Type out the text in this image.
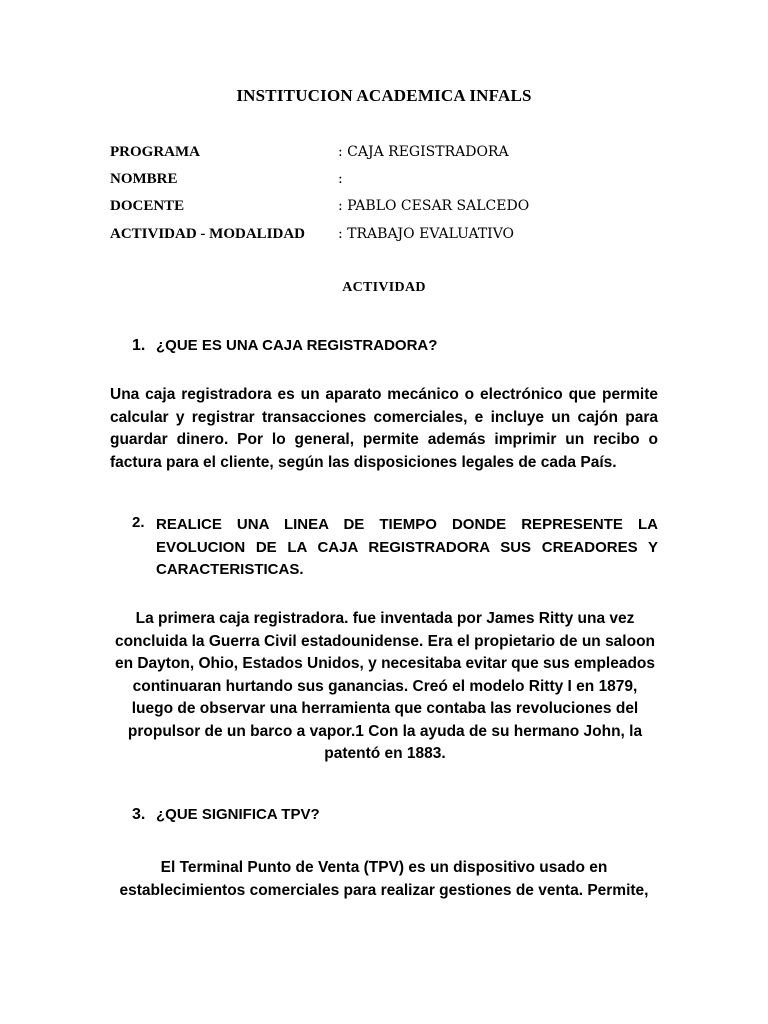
INSTITUCION ACADEMICA INFALS
PROGRAMA	: CAJA REGISTRADORA
NOMBRE	:
DOCENTE	: PABLO CESAR SALCEDO
ACTIVIDAD - MODALIDAD : TRABAJO EVALUATIVO
ACTIVIDAD
1. ¿QUE ES UNA CAJA REGISTRADORA?
Una caja registradora es un aparato mecánico o electrónico que permite calcular y registrar transacciones comerciales, e incluye un cajón para guardar dinero. Por lo general, permite además imprimir un recibo o factura para el cliente, según las disposiciones legales de cada País.
2. REALICE UNA LINEA DE TIEMPO DONDE REPRESENTE LA EVOLUCION DE LA CAJA REGISTRADORA SUS CREADORES Y CARACTERISTICAS.
La primera caja registradora. fue inventada por James Ritty una vez concluida la Guerra Civil estadounidense. Era el propietario de un saloon en Dayton, Ohio, Estados Unidos, y necesitaba evitar que sus empleados continuaran hurtando sus ganancias. Creó el modelo Ritty I en 1879, luego de observar una herramienta que contaba las revoluciones del propulsor de un barco a vapor.1 Con la ayuda de su hermano John, la patentó en 1883.
3. ¿QUE SIGNIFICA TPV?
El Terminal Punto de Venta (TPV) es un dispositivo usado en establecimientos comerciales para realizar gestiones de venta. Permite,
